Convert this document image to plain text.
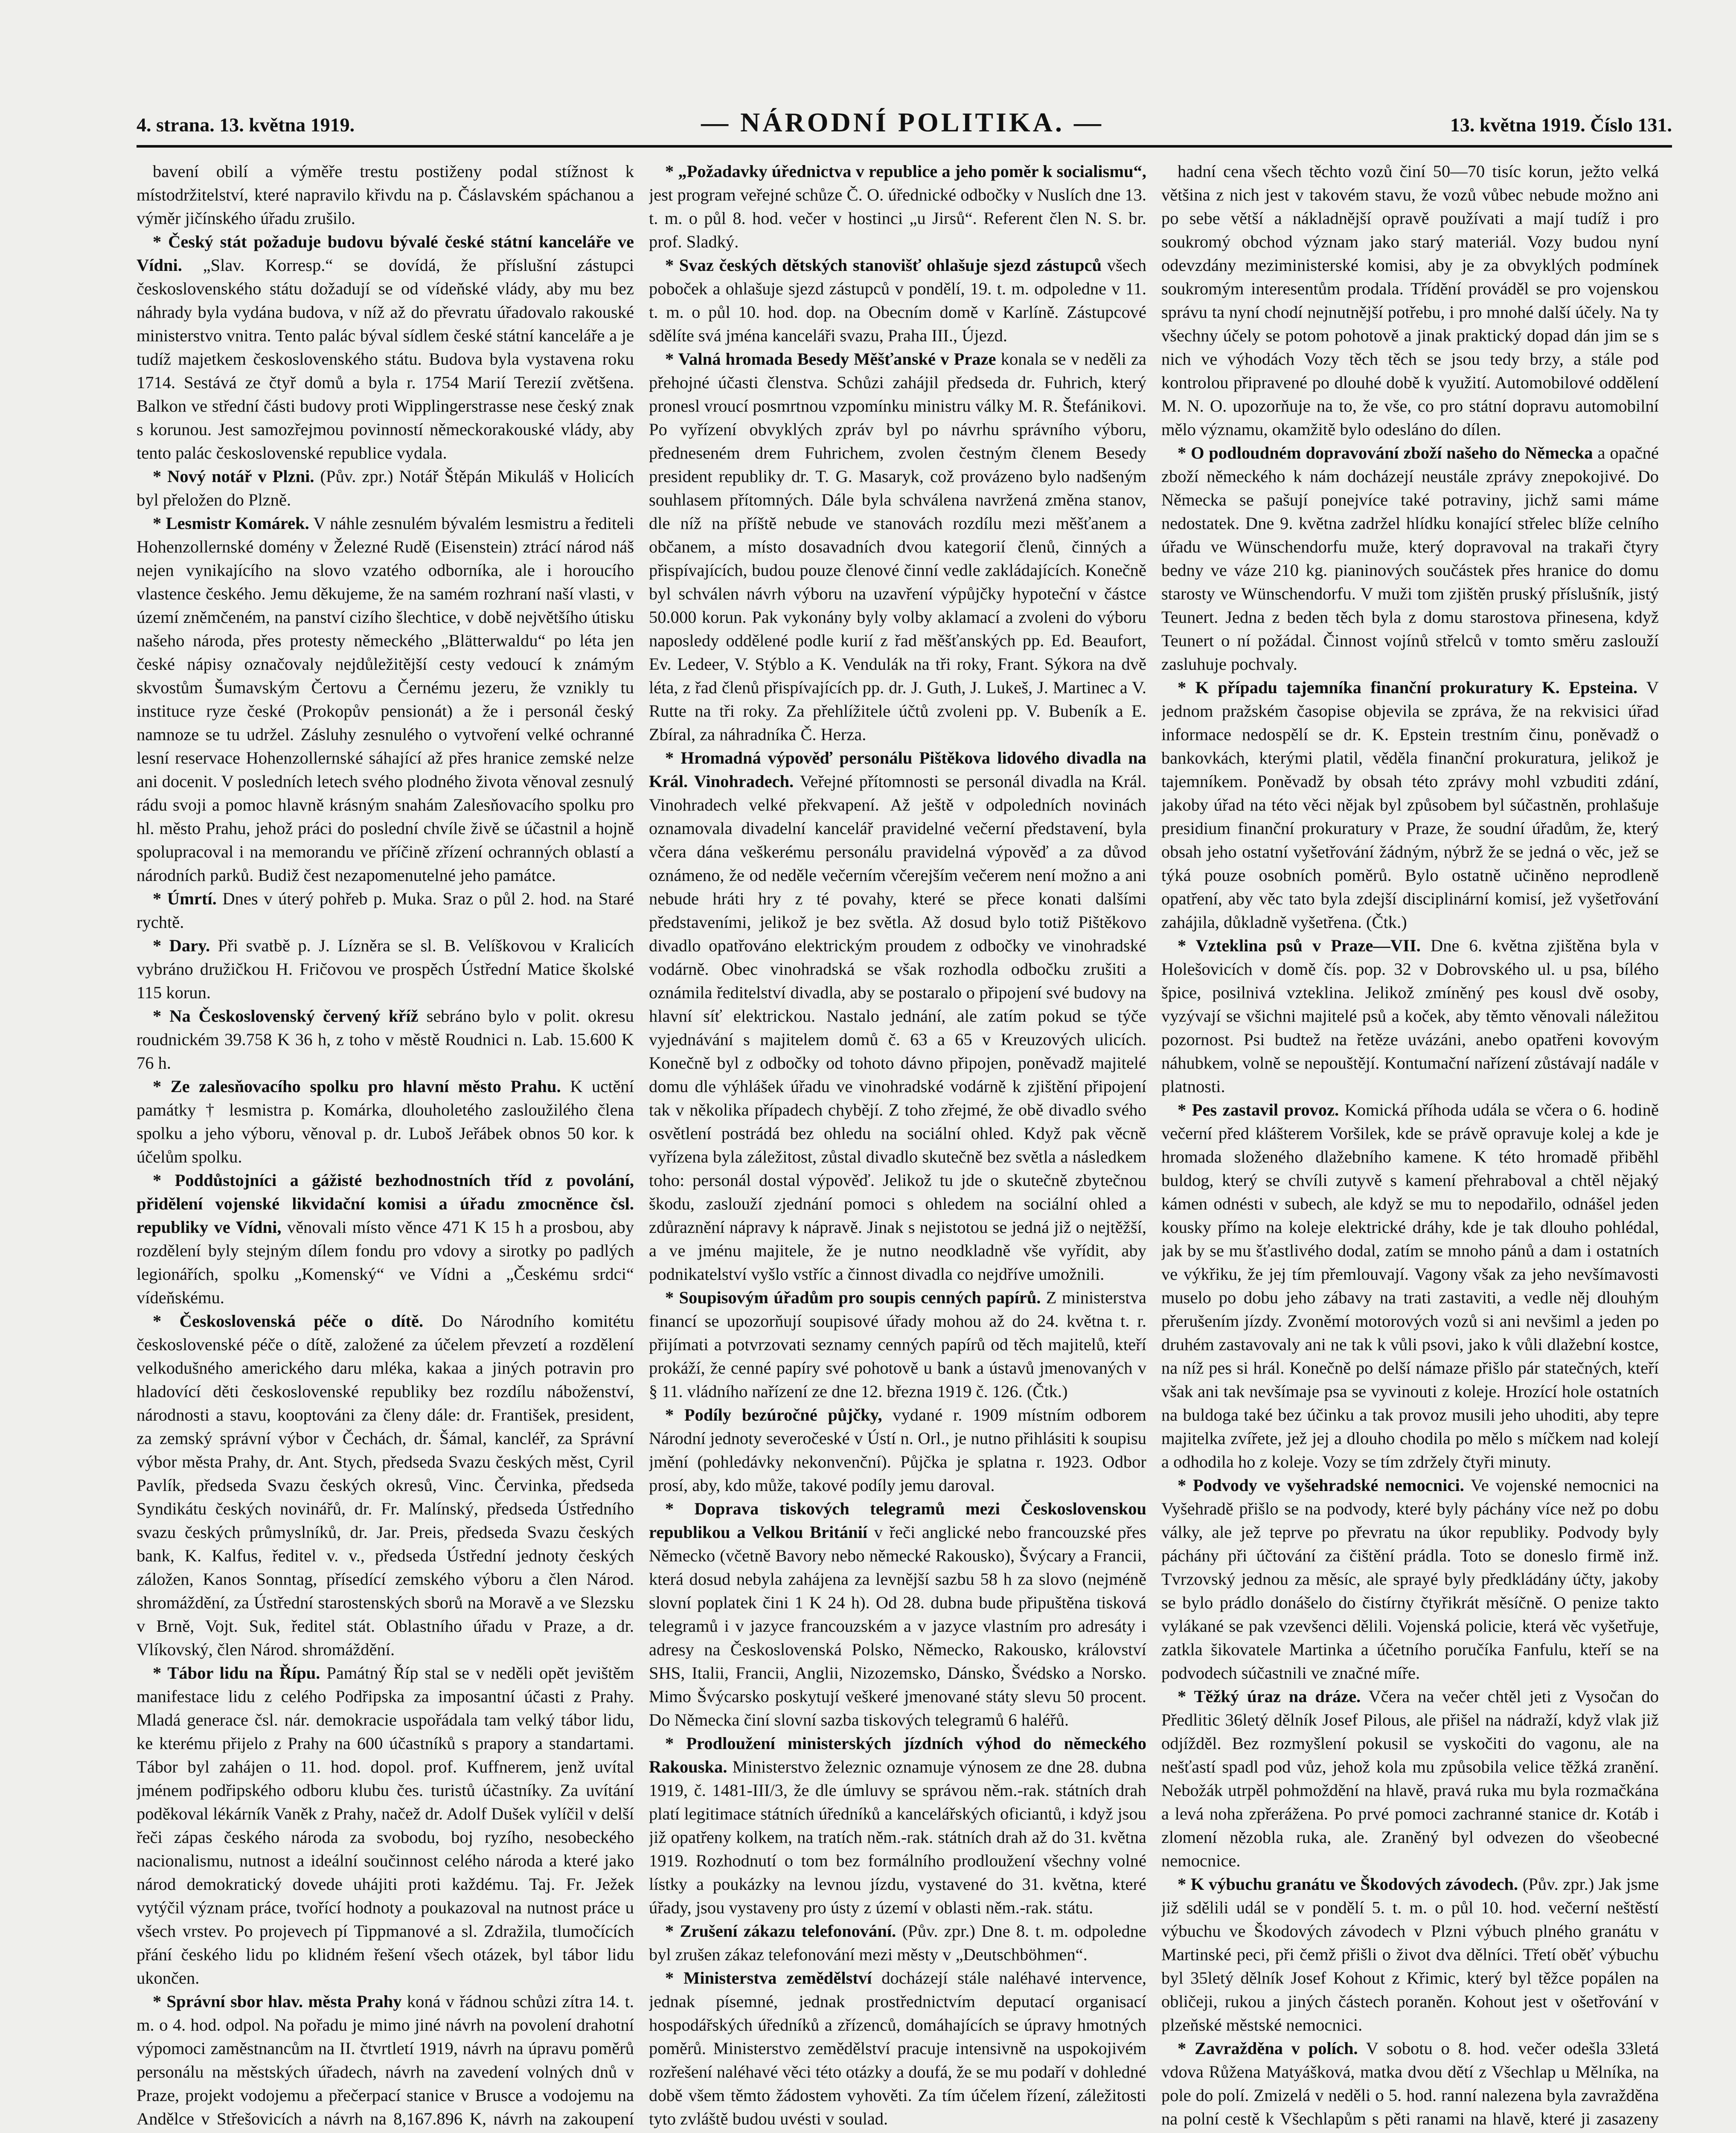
4. strana. 13. května 1919.	— NÁRODNÍ POLITIKA. —	13. května 1919. Číslo 131.

bavení obilí a výměře trestu postiženy podal stížnost k místodržitelství, které napravilo křivdu na p. Čáslavském spáchanou a výměr jičínského úřadu zrušilo.

* Český stát požaduje budovu bývalé české státní kanceláře ve Vídni. „Slav. Korresp.“ se dovídá, že příslušní zástupci československého státu dožadují se od vídeňské vlády, aby mu bez náhrady byla vydána budova, v níž až do převratu úřadovalo rakouské ministerstvo vnitra. Tento palác býval sídlem české státní kanceláře a je tudíž majetkem československého státu. Budova byla vystavena roku 1714. Sestává ze čtyř domů a byla r. 1754 Marií Terezií zvětšena. Balkon ve střední části budovy proti Wipplingerstrasse nese český znak s korunou. Jest samozřejmou povinností německorakouské vlády, aby tento palác československé republice vydala.

* Nový notář v Plzni. (Pův. zpr.) Notář Štěpán Mikuláš v Holicích byl přeložen do Plzně.

* Lesmistr Komárek. V náhle zesnulém bývalém lesmistru a řediteli Hohenzollernské domény v Železné Rudě (Eisenstein) ztrácí národ náš nejen vynikajícího na slovo vzatého odborníka, ale i horoucího vlastence českého. Jemu děkujeme, že na samém rozhraní naší vlasti, v území zněmčeném, na panství cizího šlechtice, v době největšího útisku našeho národa, přes protesty německého „Blätterwaldu“ po léta jen české nápisy označovaly nejdůležitější cesty vedoucí k známým skvostům Šumavským Čertovu a Černému jezeru, že vznikly tu instituce ryze české (Prokopův pensionát) a že i personál český namnoze se tu udržel. Zásluhy zesnulého o vytvoření velké ochranné lesní reservace Hohenzollernské sáhající až přes hranice zemské nelze ani docenit. V posledních letech svého plodného života věnoval zesnulý rádu svoji a pomoc hlavně krásným snahám Zalesňovacího spolku pro hl. město Prahu, jehož práci do poslední chvíle živě se účastnil a hojně spolupracoval i na memorandu ve příčině zřízení ochranných oblastí a národních parků. Budiž čest nezapomenutelné jeho památce.

* Úmrtí. Dnes v úterý pohřeb p. Muka. Sraz o půl 2. hod. na Staré rychtě.

* Dary. Při svatbě p. J. Lízněra se sl. B. Velíškovou v Kralicích vybráno družičkou H. Fričovou ve prospěch Ústřední Matice školské 115 korun.

* Na Československý červený kříž sebráno bylo v polit. okresu roudnickém 39.758 K 36 h, z toho v městě Roudnici n. Lab. 15.600 K 76 h.

* Ze zalesňovacího spolku pro hlavní město Prahu. K uctění památky † lesmistra p. Komárka, dlouholetého zasloužilého člena spolku a jeho výboru, věnoval p. dr. Luboš Jeřábek obnos 50 kor. k účelům spolku.

* Poddůstojníci a gážisté bezhodnostních tříd z povolání, přidělení vojenské likvidační komisi a úřadu zmocněnce čsl. republiky ve Vídni, věnovali místo věnce 471 K 15 h a prosbou, aby rozdělení byly stejným dílem fondu pro vdovy a sirotky po padlých legionářích, spolku „Komenský“ ve Vídni a „Českému srdci“ vídeňskému.

* Československá péče o dítě. Do Národního komitétu československé péče o dítě, založené za účelem převzetí a rozdělení velkodušného amerického daru mléka, kakaa a jiných potravin pro hladovící děti československé republiky bez rozdílu náboženství, národnosti a stavu, kooptováni za členy dále: dr. František, president, za zemský správní výbor v Čechách, dr. Šámal, kancléř, za Správní výbor města Prahy, dr. Ant. Stych, předseda Svazu českých měst, Cyril Pavlík, předseda Svazu českých okresů, Vinc. Červinka, předseda Syndikátu českých novinářů, dr. Fr. Malínský, předseda Ústředního svazu českých průmyslníků, dr. Jar. Preis, předseda Svazu českých bank, K. Kalfus, ředitel v. v., předseda Ústřední jednoty českých záložen, Kanos Sonntag, přísedící zemského výboru a člen Národ. shromáždění, za Ústřední starostenských sborů na Moravě a ve Slezsku v Brně, Vojt. Suk, ředitel stát. Oblastního úřadu v Praze, a dr. Vlíkovský, člen Národ. shromáždění.

* Tábor lidu na Řípu. Památný Říp stal se v neděli opět jevištěm manifestace lidu z celého Podřipska za imposantní účasti z Prahy. Mladá generace čsl. nár. demokracie uspořádala tam velký tábor lidu, ke kterému přijelo z Prahy na 600 účastníků s prapory a standartami. Tábor byl zahájen o 11. hod. dopol. prof. Kuffnerem, jenž uvítal jménem podřipského odboru klubu čes. turistů účastníky. Za uvítání poděkoval lékárník Vaněk z Prahy, načež dr. Adolf Dušek vylíčil v delší řeči zápas českého národa za svobodu, boj ryzího, nesobeckého nacionalismu, nutnost a ideální součinnost celého národa a které jako národ demokratický dovede uhájiti proti každému. Taj. Fr. Ježek vytýčil význam práce, tvořící hodnoty a poukazoval na nutnost práce u všech vrstev. Po projevech pí Tippmanové a sl. Zdražila, tlumočících přání českého lidu po klidném řešení všech otázek, byl tábor lidu ukončen.

* Správní sbor hlav. města Prahy koná v řádnou schůzi zítra 14. t. m. o 4. hod. odpol. Na pořadu je mimo jiné návrh na povolení drahotní výpomoci zaměstnancům na II. čtvrtletí 1919, návrh na úpravu poměrů personálu na městských úřadech, návrh na zavedení volných dnů v Praze, projekt vodojemu a přečerpací stanice v Brusce a vodojemu na Andělce v Střešovicích a návrh na 8,167.896 K, návrh na zakoupení

* „Požadavky úřednictva v republice a jeho poměr k socialismu“, jest program veřejné schůze Č. O. úřednické odbočky v Nuslích dne 13. t. m. o půl 8. hod. večer v hostinci „u Jirsů“. Referent člen N. S. br. prof. Sladký.

* Svaz českých dětských stanovišť ohlašuje sjezd zástupců všech poboček a ohlašuje sjezd zástupců v pondělí, 19. t. m. odpoledne v 11. t. m. o půl 10. hod. dop. na Obecním domě v Karlíně. Zástupcové sdělíte svá jména kanceláři svazu, Praha III., Újezd.

* Valná hromada Besedy Měšťanské v Praze konala se v neděli za přehojné účasti členstva. Schůzi zahájil předseda dr. Fuhrich, který pronesl vroucí posmrtnou vzpomínku ministru války M. R. Štefánikovi. Po vyřízení obvyklých zpráv byl po návrhu správního výboru, předneseném drem Fuhrichem, zvolen čestným členem Besedy president republiky dr. T. G. Masaryk, což provázeno bylo nadšeným souhlasem přítomných. Dále byla schválena navržená změna stanov, dle níž na příště nebude ve stanovách rozdílu mezi měšťanem a občanem, a místo dosavadních dvou kategorií členů, činných a přispívajících, budou pouze členové činní vedle zakládajících. Konečně byl schválen návrh výboru na uzavření výpůjčky hypoteční v částce 50.000 korun. Pak vykonány byly volby aklamací a zvoleni do výboru naposledy oddělené podle kurií z řad měšťanských pp. Ed. Beaufort, Ev. Ledeer, V. Stýblo a K. Vendulák na tři roky, Frant. Sýkora na dvě léta, z řad členů přispívajících pp. dr. J. Guth, J. Lukeš, J. Martinec a V. Rutte na tři roky. Za přehlížitele účtů zvoleni pp. V. Bubeník a E. Zbíral, za náhradníka Č. Herza.

* Hromadná výpověď personálu Pištěkova lidového divadla na Král. Vinohradech. Veřejné přítomnosti se personál divadla na Král. Vinohradech velké překvapení. Až ještě v odpoledních novinách oznamovala divadelní kancelář pravidelné večerní představení, byla včera dána veškerému personálu pravidelná výpověď a za důvod oznámeno, že od neděle večerním včerejším večerem není možno a ani nebude hráti hry z té povahy, které se přece konati dalšími představeními, jelikož je bez světla. Až dosud bylo totiž Pištěkovo divadlo opatřováno elektrickým proudem z odbočky ve vinohradské vodárně. Obec vinohradská se však rozhodla odbočku zrušiti a oznámila ředitelství divadla, aby se postaralo o připojení své budovy na hlavní síť elektrickou. Nastalo jednání, ale zatím pokud se týče vyjednávání s majitelem domů č. 63 a 65 v Kreuzových ulicích. Konečně byl z odbočky od tohoto dávno připojen, poněvadž majitelé domu dle výhlášek úřadu ve vinohradské vodárně k zjištění připojení tak v několika případech chybějí. Z toho zřejmé, že obě divadlo svého osvětlení postrádá bez ohledu na sociální ohled. Když pak věcně vyřízena byla záležitost, zůstal divadlo skutečně bez světla a následkem toho: personál dostal výpověď. Jelikož tu jde o skutečně zbytečnou škodu, zaslouží zjednání pomoci s ohledem na sociální ohled a zdůraznění nápravy k nápravě. Jinak s nejistotou se jedná již o nejtěžší, a ve jménu majitele, že je nutno neodkladně vše vyřídit, aby podnikatelství vyšlo vstříc a činnost divadla co nejdříve umožnili.

* Soupisovým úřadům pro soupis cenných papírů. Z ministerstva financí se upozorňují soupisové úřady mohou až do 24. května t. r. přijímati a potvrzovati seznamy cenných papírů od těch majitelů, kteří prokáží, že cenné papíry své pohotově u bank a ústavů jmenovaných v § 11. vládního nařízení ze dne 12. března 1919 č. 126. (Čtk.)

* Podíly bezúročné půjčky, vydané r. 1909 místním odborem Národní jednoty severočeské v Ústí n. Orl., je nutno přihlásiti k soupisu jmění (pohledávky nekonvenční). Půjčka je splatna r. 1923. Odbor prosí, aby, kdo může, takové podíly jemu daroval.

* Doprava tiskových telegramů mezi Československou republikou a Velkou Británií v řeči anglické nebo francouzské přes Německo (včetně Bavory nebo německé Rakousko), Švýcary a Francii, která dosud nebyla zahájena za levnější sazbu 58 h za slovo (nejméně slovní poplatek čini 1 K 24 h). Od 28. dubna bude připuštěna tisková telegramů i v jazyce francouzském a v jazyce vlastním pro adresáty i adresy na Československá Polsko, Německo, Rakousko, království SHS, Italii, Francii, Anglii, Nizozemsko, Dánsko, Švédsko a Norsko. Mimo Švýcarsko poskytují veškeré jmenované státy slevu 50 procent. Do Německa činí slovní sazba tiskových telegramů 6 haléřů.

* Prodloužení ministerských jízdních výhod do německého Rakouska. Ministerstvo železnic oznamuje výnosem ze dne 28. dubna 1919, č. 1481-III/3, že dle úmluvy se správou něm.-rak. státních drah platí legitimace státních úředníků a kancelářských oficiantů, i když jsou již opatřeny kolkem, na tratích něm.-rak. státních drah až do 31. května 1919. Rozhodnutí o tom bez formálního prodloužení všechny volné lístky a poukázky na levnou jízdu, vystavené do 31. května, které úřady, jsou vystaveny pro ústy z území v oblasti něm.-rak. státu.

* Zrušení zákazu telefonování. (Pův. zpr.) Dne 8. t. m. odpoledne byl zrušen zákaz telefonování mezi městy v „Deutschböhmen“.

* Ministerstva zemědělství docházejí stále naléhavé intervence, jednak písemné, jednak prostřednictvím deputací organisací hospodářských úředníků a zřízenců, domáhajících se úpravy hmotných poměrů. Ministerstvo zemědělství pracuje intensivně na uspokojivém rozřešení naléhavé věci této otázky a doufá, že se mu podaří v dohledné době všem těmto žádostem vyhověti. Za tím účelem řízení, záležitosti tyto zvláště budou uvésti v soulad.

hadní cena všech těchto vozů činí 50—70 tisíc korun, ježto velká většina z nich jest v takovém stavu, že vozů vůbec nebude možno ani po sebe větší a nákladnější opravě používati a mají tudíž i pro soukromý obchod význam jako starý materiál. Vozy budou nyní odevzdány meziministerské komisi, aby je za obvyklých podmínek soukromým interesentům prodala. Třídění prováděl se pro vojenskou správu ta nyní chodí nejnutnější potřebu, i pro mnohé další účely. Na ty všechny účely se potom pohotově a jinak praktický dopad dán jim se s nich ve výhodách Vozy těch těch se jsou tedy brzy, a stále pod kontrolou připravené po dlouhé době k využití. Automobilové oddělení M. N. O. upozorňuje na to, že vše, co pro státní dopravu automobilní mělo významu, okamžitě bylo odesláno do dílen.

* O podloudném dopravování zboží našeho do Německa a opačné zboží německého k nám docházejí neustále zprávy znepokojivé. Do Německa se pašují ponejvíce také potraviny, jichž sami máme nedostatek. Dne 9. května zadržel hlídku konající střelec blíže celního úřadu ve Wünschendorfu muže, který dopravoval na trakaři čtyry bedny ve váze 210 kg. pianinových součástek přes hranice do domu starosty ve Wünschendorfu. V muži tom zjištěn pruský příslušník, jistý Teunert. Jedna z beden těch byla z domu starostova přinesena, když Teunert o ní požádal. Činnost vojínů střelců v tomto směru zaslouží zasluhuje pochvaly.

* K případu tajemníka finanční prokuratury K. Epsteina. V jednom pražském časopise objevila se zpráva, že na rekvisici úřad informace nedospělí se dr. K. Epstein trestním činu, poněvadž o bankovkách, kterými platil, věděla finanční prokuratura, jelikož je tajemníkem. Poněvadž by obsah této zprávy mohl vzbuditi zdání, jakoby úřad na této věci nějak byl způsobem byl súčastněn, prohlašuje presidium finanční prokuratury v Praze, že soudní úřadům, že, který obsah jeho ostatní vyšetřování žádným, nýbrž že se jedná o věc, jež se týká pouze osobních poměrů. Bylo ostatně učiněno neprodleně opatření, aby věc tato byla zdejší disciplinární komisí, jež vyšetřování zahájila, důkladně vyšetřena. (Čtk.)

* Vzteklina psů v Praze—VII. Dne 6. května zjištěna byla v Holešovicích v domě čís. pop. 32 v Dobrovského ul. u psa, bílého špice, posilnivá vzteklina. Jelikož zmíněný pes kousl dvě osoby, vyzývají se všichni majitelé psů a koček, aby těmto věnovali náležitou pozornost. Psi budtež na řetěze uvázáni, anebo opatřeni kovovým náhubkem, volně se nepouštějí. Kontumační nařízení zůstávají nadále v platnosti.

* Pes zastavil provoz. Komická příhoda udála se včera o 6. hodině večerní před klášterem Voršilek, kde se právě opravuje kolej a kde je hromada složeného dlažebního kamene. K této hromadě přiběhl buldog, který se chvíli zutyvě s kamení přehraboval a chtěl nějaký kámen odnésti v subech, ale když se mu to nepodařilo, odnášel jeden kousky přímo na koleje elektrické dráhy, kde je tak dlouho pohlédal, jak by se mu šťastlivého dodal, zatím se mnoho pánů a dam i ostatních ve výkřiku, že jej tím přemlouvají. Vagony však za jeho nevšímavosti muselo po dobu jeho zábavy na trati zastaviti, a vedle něj dlouhým přerušením jízdy. Zvoněmí motorových vozů si ani nevšiml a jeden po druhém zastavovaly ani ne tak k vůli psovi, jako k vůli dlažební kostce, na níž pes si hrál. Konečně po delší námaze přišlo pár statečných, kteří však ani tak nevšímaje psa se vyvinouti z koleje. Hrozící hole ostatních na buldoga také bez účinku a tak provoz musili jeho uhoditi, aby tepre majitelka zvířete, jež jej a dlouho chodila po mělo s míčkem nad kolejí a odhodila ho z koleje. Vozy se tím zdržely čtyři minuty.

* Podvody ve vyšehradské nemocnici. Ve vojenské nemocnici na Vyšehradě přišlo se na podvody, které byly páchány více než po dobu války, ale jež teprve po převratu na úkor republiky. Podvody byly páchány při účtování za čištění prádla. Toto se doneslo firmě inž. Tvrzovský jednou za měsíc, ale sprayé byly předkládány účty, jakoby se bylo prádlo donášelo do čistírny čtyřikrát měsíčně. O penize takto vylákané se pak vzevšenci dělili. Vojenská policie, která věc vyšetřuje, zatkla šikovatele Martinka a účetního poručíka Fanfulu, kteří se na podvodech súčastnili ve značné míře.

* Těžký úraz na dráze. Včera na večer chtěl jeti z Vysočan do Předlitic 36letý dělník Josef Pilous, ale přišel na nádraží, když vlak již odjížděl. Bez rozmyšlení pokusil se vyskočiti do vagonu, ale na nešťastí spadl pod vůz, jehož kola mu způsobila velice těžká zranění. Nebožák utrpěl pohmoždění na hlavě, pravá ruka mu byla rozmačkána a levá noha zpřerážena. Po prvé pomoci zachranné stanice dr. Kotáb i zlomení nězobla ruka, ale. Zraněný byl odvezen do všeobecné nemocnice.

* K výbuchu granátu ve Škodových závodech. (Pův. zpr.) Jak jsme již sdělili udál se v pondělí 5. t. m. o půl 10. hod. večerní neštěstí výbuchu ve Škodových závodech v Plzni výbuch plného granátu v Martinské peci, při čemž přišli o život dva dělníci. Třetí oběť výbuchu byl 35letý dělník Josef Kohout z Křimic, který byl těžce popálen na obličeji, rukou a jiných částech poraněn. Kohout jest v ošetřování v plzeňské městské nemocnici.

* Zavražděna v polích. V sobotu o 8. hod. večer odešla 33letá vdova Růžena Matyášková, matka dvou dětí z Všechlap u Mělníka, na pole do polí. Zmizelá v neděli o 5. hod. ranní nalezena byla zavražděna na polní cestě k Všechlapům s pěti ranami na hlavě, které ji zasazeny
